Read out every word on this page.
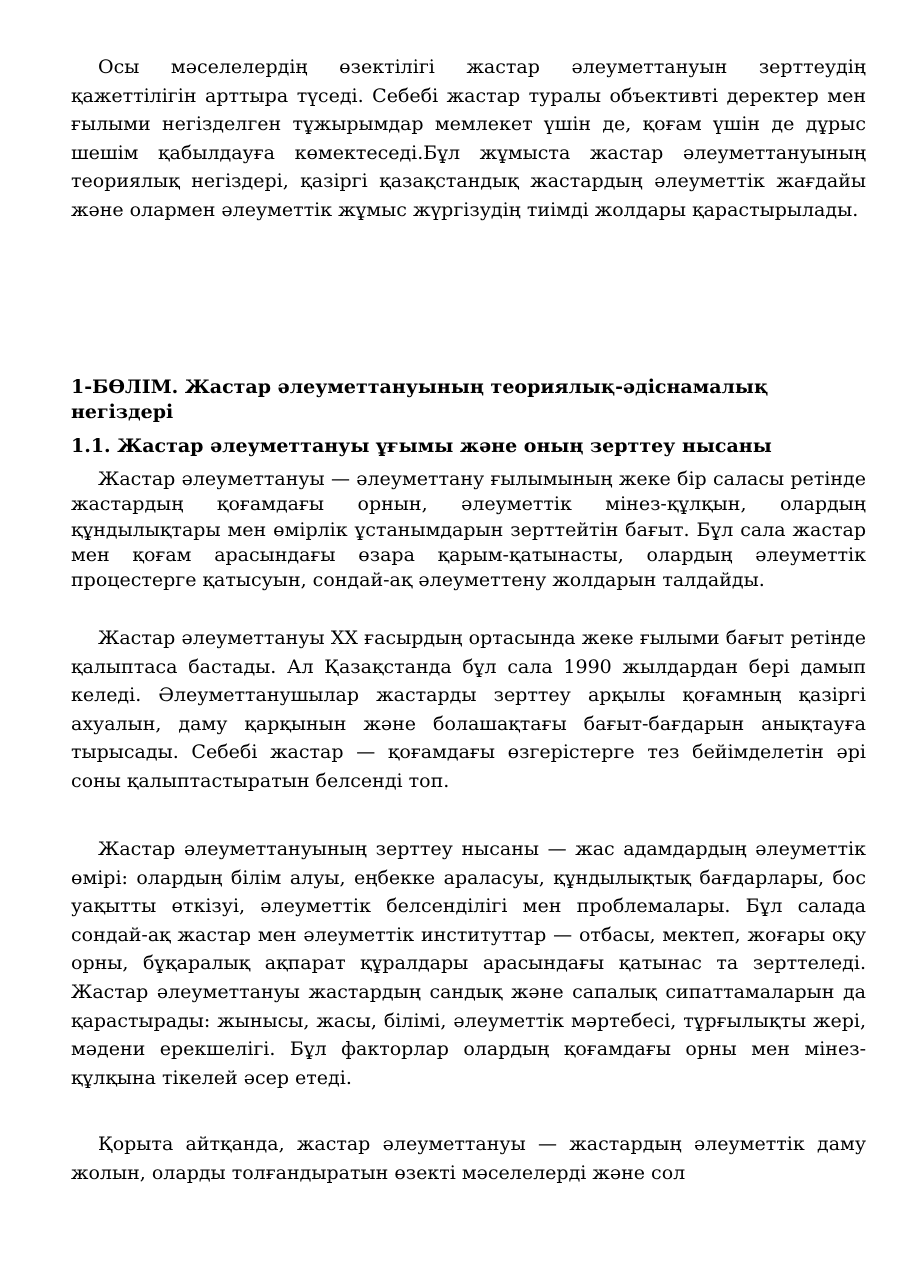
Осы мәселелердің өзектілігі жастар әлеуметтануын зерттеудің қажеттілігін арттыра түседі. Себебі жастар туралы объективті деректер мен ғылыми негізделген тұжырымдар мемлекет үшін де, қоғам үшін де дұрыс шешім қабылдауға көмектеседі.Бұл жұмыста жастар әлеуметтануының теориялық негіздері, қазіргі қазақстандық жастардың әлеуметтік жағдайы және олармен әлеуметтік жұмыс жүргізудің тиімді жолдары қарастырылады.

1-БӨЛІМ. Жастар әлеуметтануының теориялық-әдіснамалық негіздері
1.1. Жастар әлеуметтануы ұғымы және оның зерттеу нысаны

Жастар әлеуметтануы — әлеуметтану ғылымының жеке бір саласы ретінде жастардың қоғамдағы орнын, әлеуметтік мінез-құлқын, олардың құндылықтары мен өмірлік ұстанымдарын зерттейтін бағыт. Бұл сала жастар мен қоғам арасындағы өзара қарым-қатынасты, олардың әлеуметтік процестерге қатысуын, сондай-ақ әлеуметтену жолдарын талдайды.

Жастар әлеуметтануы XX ғасырдың ортасында жеке ғылыми бағыт ретінде қалыптаса бастады. Ал Қазақстанда бұл сала 1990 жылдардан бері дамып келеді. Әлеуметтанушылар жастарды зерттеу арқылы қоғамның қазіргі ахуалын, даму қарқынын және болашақтағы бағыт-бағдарын анықтауға тырысады. Себебі жастар — қоғамдағы өзгерістерге тез бейімделетін әрі соны қалыптастыратын белсенді топ.

Жастар әлеуметтануының зерттеу нысаны — жас адамдардың әлеуметтік өмірі: олардың білім алуы, еңбекке араласуы, құндылықтық бағдарлары, бос уақытты өткізуі, әлеуметтік белсенділігі мен проблемалары. Бұл салада сондай-ақ жастар мен әлеуметтік институттар — отбасы, мектеп, жоғары оқу орны, бұқаралық ақпарат құралдары арасындағы қатынас та зерттеледі. Жастар әлеуметтануы жастардың сандық және сапалық сипаттамаларын да қарастырады: жынысы, жасы, білімі, әлеуметтік мәртебесі, тұрғылықты жері, мәдени ерекшелігі. Бұл факторлар олардың қоғамдағы орны мен мінез-құлқына тікелей әсер етеді.

Қорыта айтқанда, жастар әлеуметтануы — жастардың әлеуметтік даму жолын, оларды толғандыратын өзекті мәселелерді және сол
